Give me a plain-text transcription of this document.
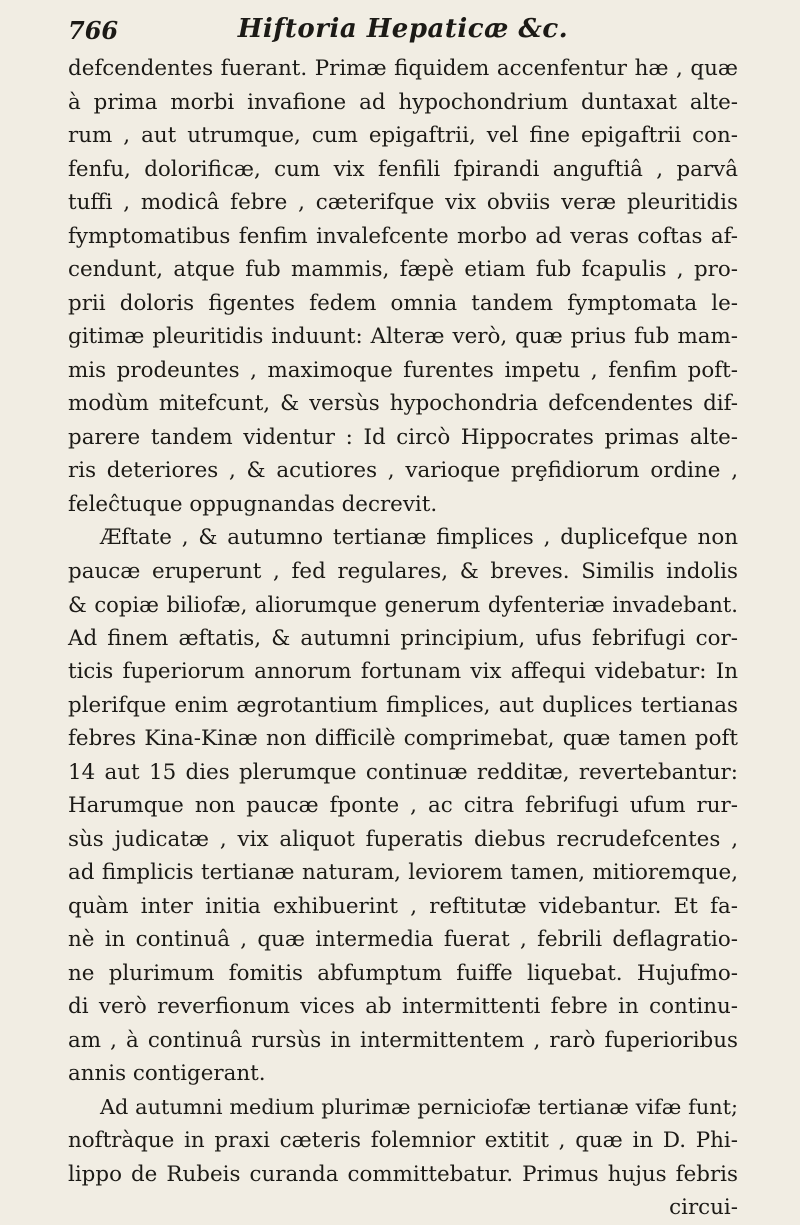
766	Hiftoria Hepaticæ &c.
defcendentes fuerant. Primæ fiquidem accenfentur hæ , quæ
à prima morbi invafione ad hypochondrium duntaxat alte-
rum , aut utrumque, cum epigaftrii, vel fine epigaftrii con-
fenfu, dolorificæ, cum vix fenfili fpirandi anguftiâ , parvâ
tuffi , modicâ febre , cæterifque vix obviis veræ pleuritidis
fymptomatibus fenfim invalefcente morbo ad veras coftas af-
cendunt, atque fub mammis, fæpè etiam fub fcapulis , pro-
prii doloris figentes fedem omnia tandem fymptomata le-
gitimæ pleuritidis induunt: Alteræ verò, quæ prius fub mam-
mis prodeuntes , maximoque furentes impetu , fenfim poft-
modùm mitefcunt, & versùs hypochondria defcendentes dif-
parere tandem videntur : Id circò Hippocrates primas alte-
ris deteriores , & acutiores , varioque prȩfidiorum ordine ,
feleĉtuque oppugnandas decrevit.
Æftate , & autumno tertianæ fimplices , duplicefque non
paucæ eruperunt , fed regulares, & breves. Similis indolis
& copiæ biliofæ, aliorumque generum dyfenteriæ invadebant.
Ad finem æftatis, & autumni principium, ufus febrifugi cor-
ticis fuperiorum annorum fortunam vix affequi videbatur: In
plerifque enim ægrotantium fimplices, aut duplices tertianas
febres Kina-Kinæ non difficilè comprimebat, quæ tamen poft
14 aut 15 dies plerumque continuæ redditæ, revertebantur:
Harumque non paucæ fponte , ac citra febrifugi ufum rur-
sùs judicatæ , vix aliquot fuperatis diebus recrudefcentes ,
ad fimplicis tertianæ naturam, leviorem tamen, mitioremque,
quàm inter initia exhibuerint , reftitutæ videbantur. Et fa-
nè in continuâ , quæ intermedia fuerat , febrili deflagratio-
ne plurimum fomitis abfumptum fuiffe liquebat. Hujufmo-
di verò reverfionum vices ab intermittenti febre in continu-
am , à continuâ rursùs in intermittentem , rarò fuperioribus
annis contigerant.
Ad autumni medium plurimæ perniciofæ tertianæ vifæ funt;
noftràque in praxi cæteris folemnior extitit , quæ in D. Phi-
lippo de Rubeis curanda committebatur. Primus hujus febris
circui-
